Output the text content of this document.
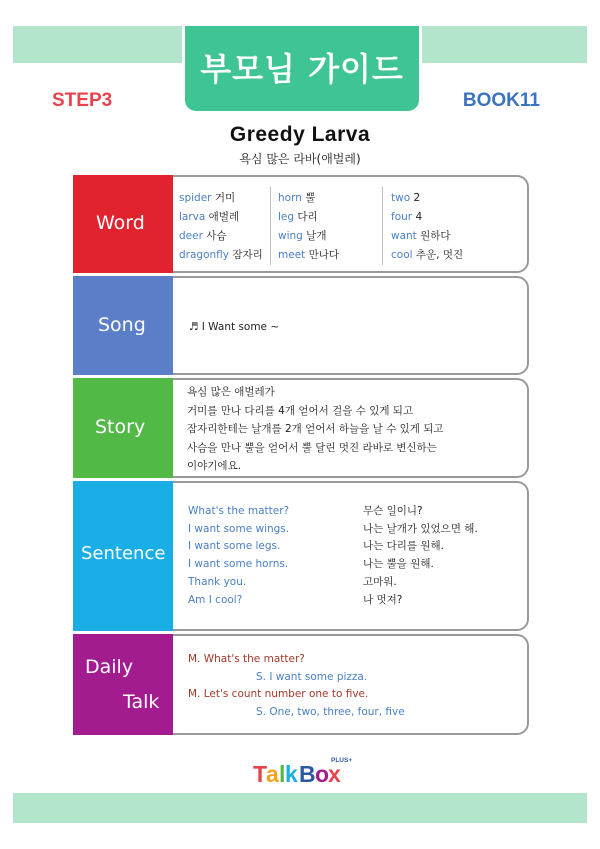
부모님 가이드
STEP3	BOOK11
Greedy Larva
욕심 많은 라바(애벌레)
Word
spider 거미
larva 애벌레
deer 사슴
dragonfly 잠자리
horn 뿔
leg 다리
wing 날개
meet 만나다
two 2
four 4
want 원하다
cool 추운, 멋진
Song	♬ I Want some ~
Story
욕심 많은 애벌레가
거미를 만나 다리를 4개 얻어서 걸을 수 있게 되고
잠자리한테는 날개를 2개 얻어서 하늘을 날 수 있게 되고
사슴을 만나 뿔을 얻어서 뿔 달린 멋진 라바로 변신하는
이야기에요.
Sentence
What's the matter?
I want some wings.
I want some legs.
I want some horns.
Thank you.
Am I cool?
무슨 일이니?
나는 날개가 있었으면 해.
나는 다리를 원해.
나는 뿔을 원해.
고마워.
나 멋져?
Daily
Talk
M. What's the matter?
S. I want some pizza.
M. Let's count number one to five.
S. One, two, three, four, five
T
a l k B o
x
PLUS+
